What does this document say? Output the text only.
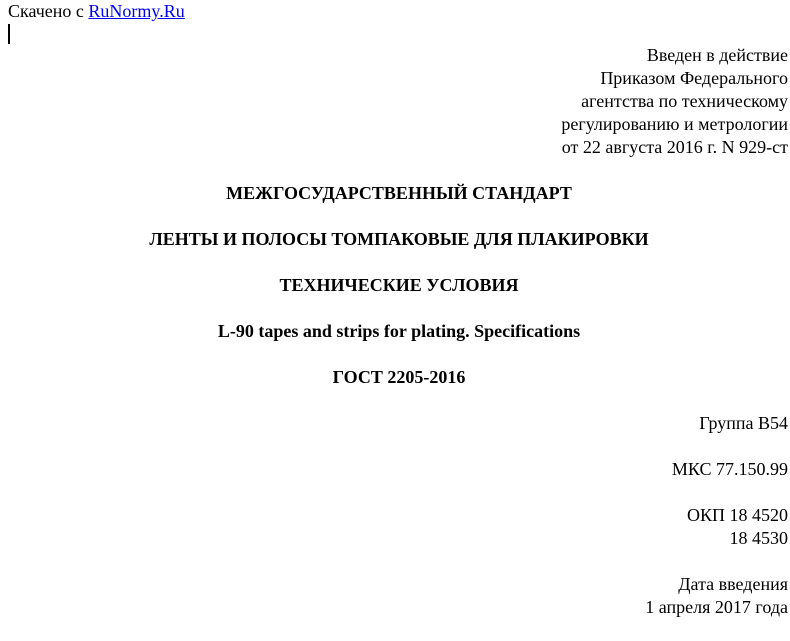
Скачено с RuNormy.Ru
Введен в действие
Приказом Федерального
агентства по техническому
регулированию и метрологии
от 22 августа 2016 г. N 929-ст
МЕЖГОСУДАРСТВЕННЫЙ СТАНДАРТ
ЛЕНТЫ И ПОЛОСЫ ТОМПАКОВЫЕ ДЛЯ ПЛАКИРОВКИ
ТЕХНИЧЕСКИЕ УСЛОВИЯ
L-90 tapes and strips for plating. Specifications
ГОСТ 2205-2016
Группа В54
МКС 77.150.99
ОКП 18 4520
18 4530
Дата введения
1 апреля 2017 года
